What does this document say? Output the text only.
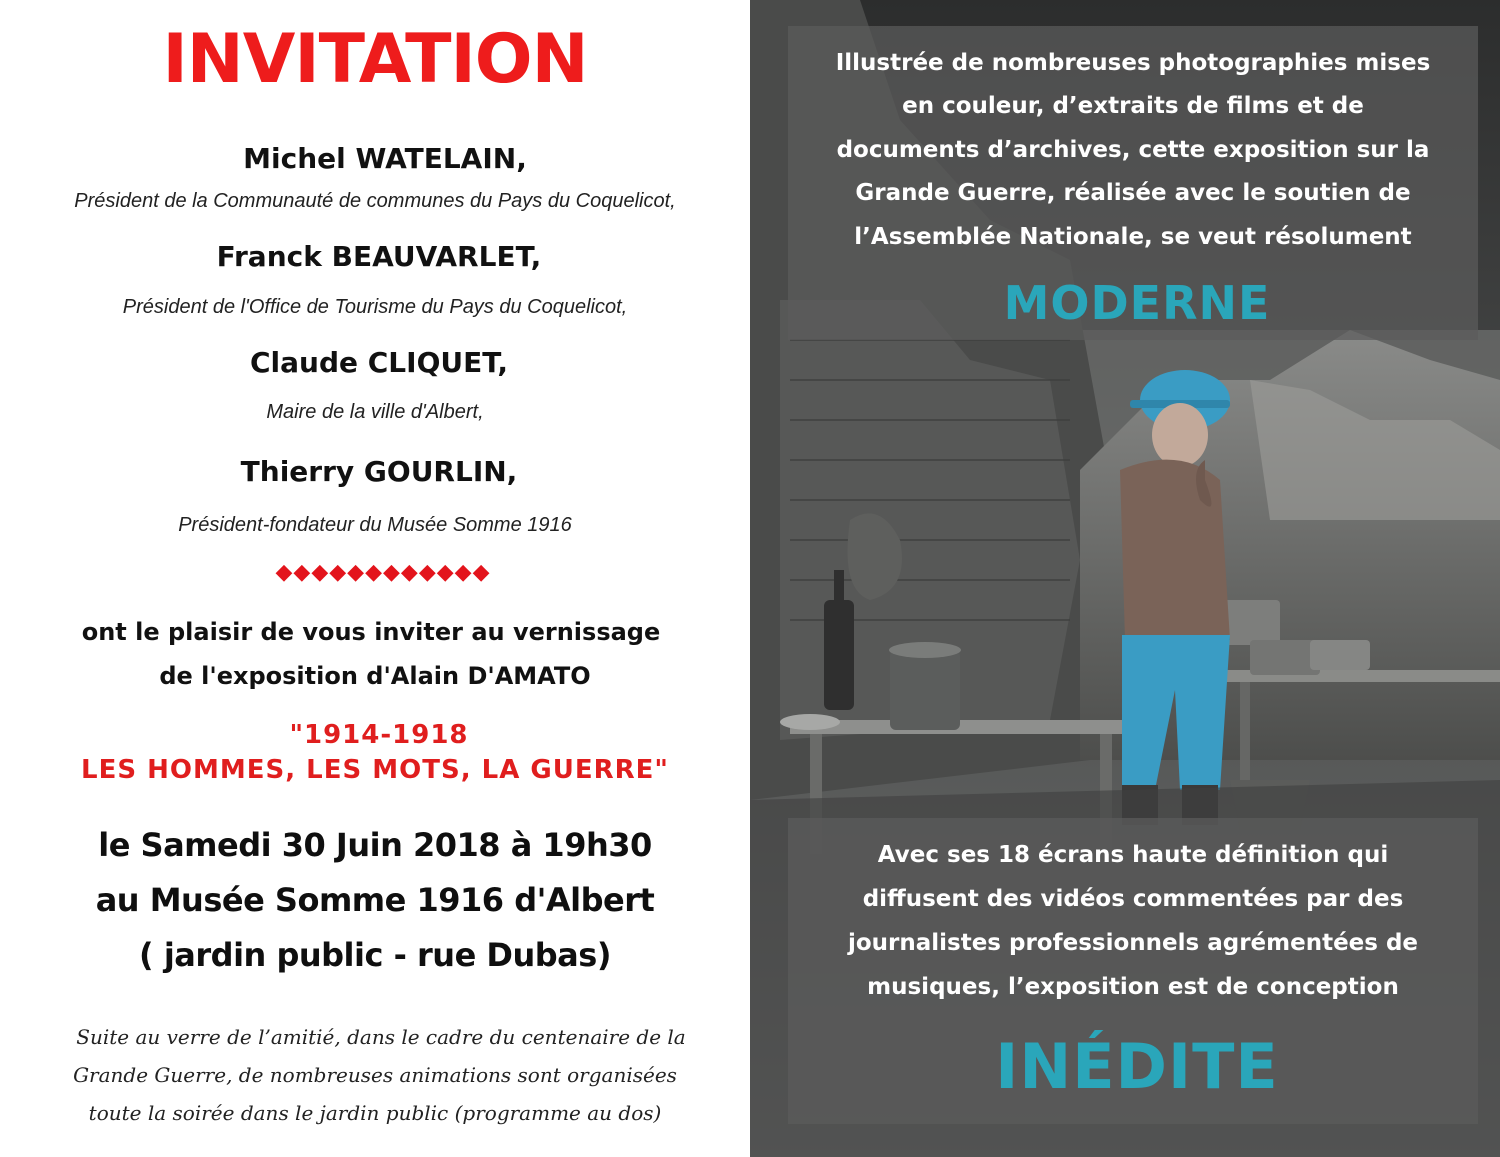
INVITATION
Michel WATELAIN,
Président de la Communauté de communes du Pays du Coquelicot,
Franck BEAUVARLET,
Président de l'Office de Tourisme du Pays du Coquelicot,
Claude CLIQUET,
Maire de la ville d'Albert,
Thierry GOURLIN,
Président-fondateur du Musée Somme 1916
◆◆◆◆◆◆◆◆◆◆◆◆
ont le plaisir de vous inviter au vernissage
de l'exposition d'Alain D'AMATO
"1914-1918
LES HOMMES, LES MOTS, LA GUERRE"
le Samedi 30 Juin 2018 à 19h30
au Musée Somme 1916 d'Albert
( jardin public - rue Dubas)
Suite au verre de l’amitié, dans le cadre du centenaire de la
Grande Guerre, de nombreuses animations sont organisées
toute la soirée dans le jardin public (programme au dos)
Illustrée de nombreuses photographies mises
en couleur, d’extraits de films et de
documents d’archives, cette exposition sur la
Grande Guerre, réalisée avec le soutien de
l’Assemblée Nationale, se veut résolument
MODERNE
Avec ses 18 écrans haute définition qui
diffusent des vidéos commentées par des
journalistes professionnels agrémentées de
musiques, l’exposition est de conception
INÉDITE
